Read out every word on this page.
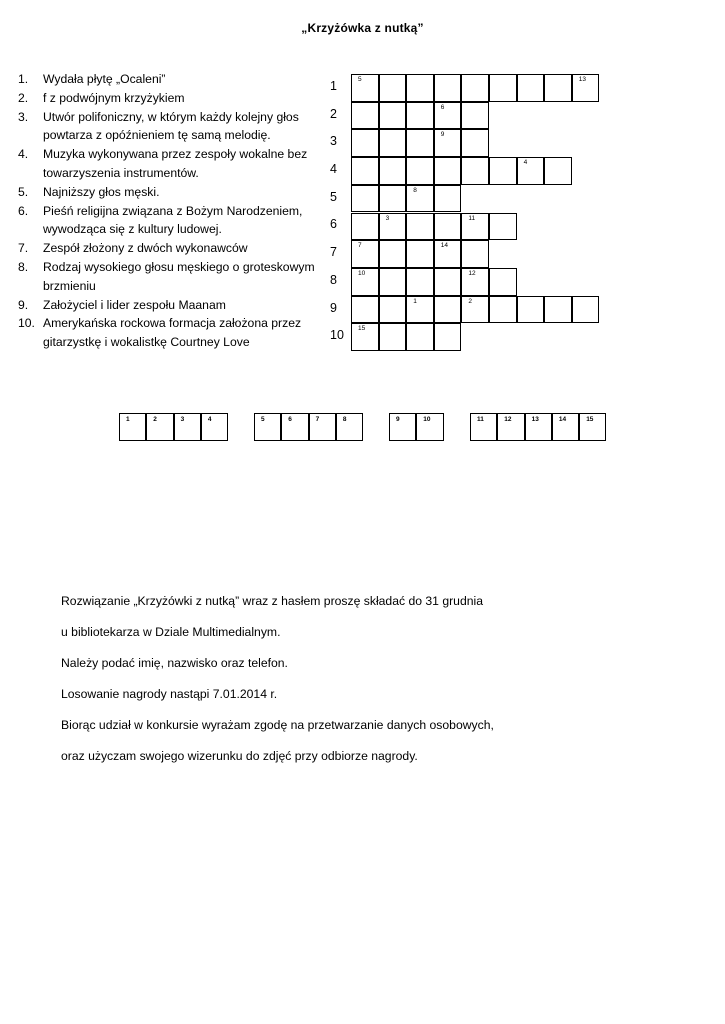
„Krzyżówka z nutką”
1.	Wydała płytę „Ocaleni”
2.	f z podwójnym krzyżykiem
3.	Utwór polifoniczny, w którym każdy kolejny głos powtarza z opóźnieniem tę samą melodię.
4.	Muzyka wykonywana przez zespoły wokalne bez towarzyszenia instrumentów.
5.	Najniższy głos męski.
6.	Pieśń religijna związana z Bożym Narodzeniem, wywodząca się z kultury ludowej.
7.	Zespół złożony z dwóch wykonawców
8.	Rodzaj wysokiego głosu męskiego o groteskowym brzmieniu
9.	Założyciel i lider zespołu Maanam
10. Amerykańska rockowa formacja założona przez gitarzystkę i wokalistkę Courtney Love
1
2
3
4
5
6
7
8
9
10
5	13
6
9
4
8
3	11
7	14
10	12
1	2
15
1	2	3	4	5	6	7	8	9	10	11	12	13	14	15
Rozwiązanie „Krzyżówki z nutką” wraz z hasłem proszę składać do 31 grudnia
u bibliotekarza w Dziale Multimedialnym.
Należy podać imię, nazwisko oraz telefon.
Losowanie nagrody nastąpi 7.01.2014 r.
Biorąc udział w konkursie wyrażam zgodę na przetwarzanie danych osobowych,
oraz użyczam swojego wizerunku do zdjęć przy odbiorze nagrody.
